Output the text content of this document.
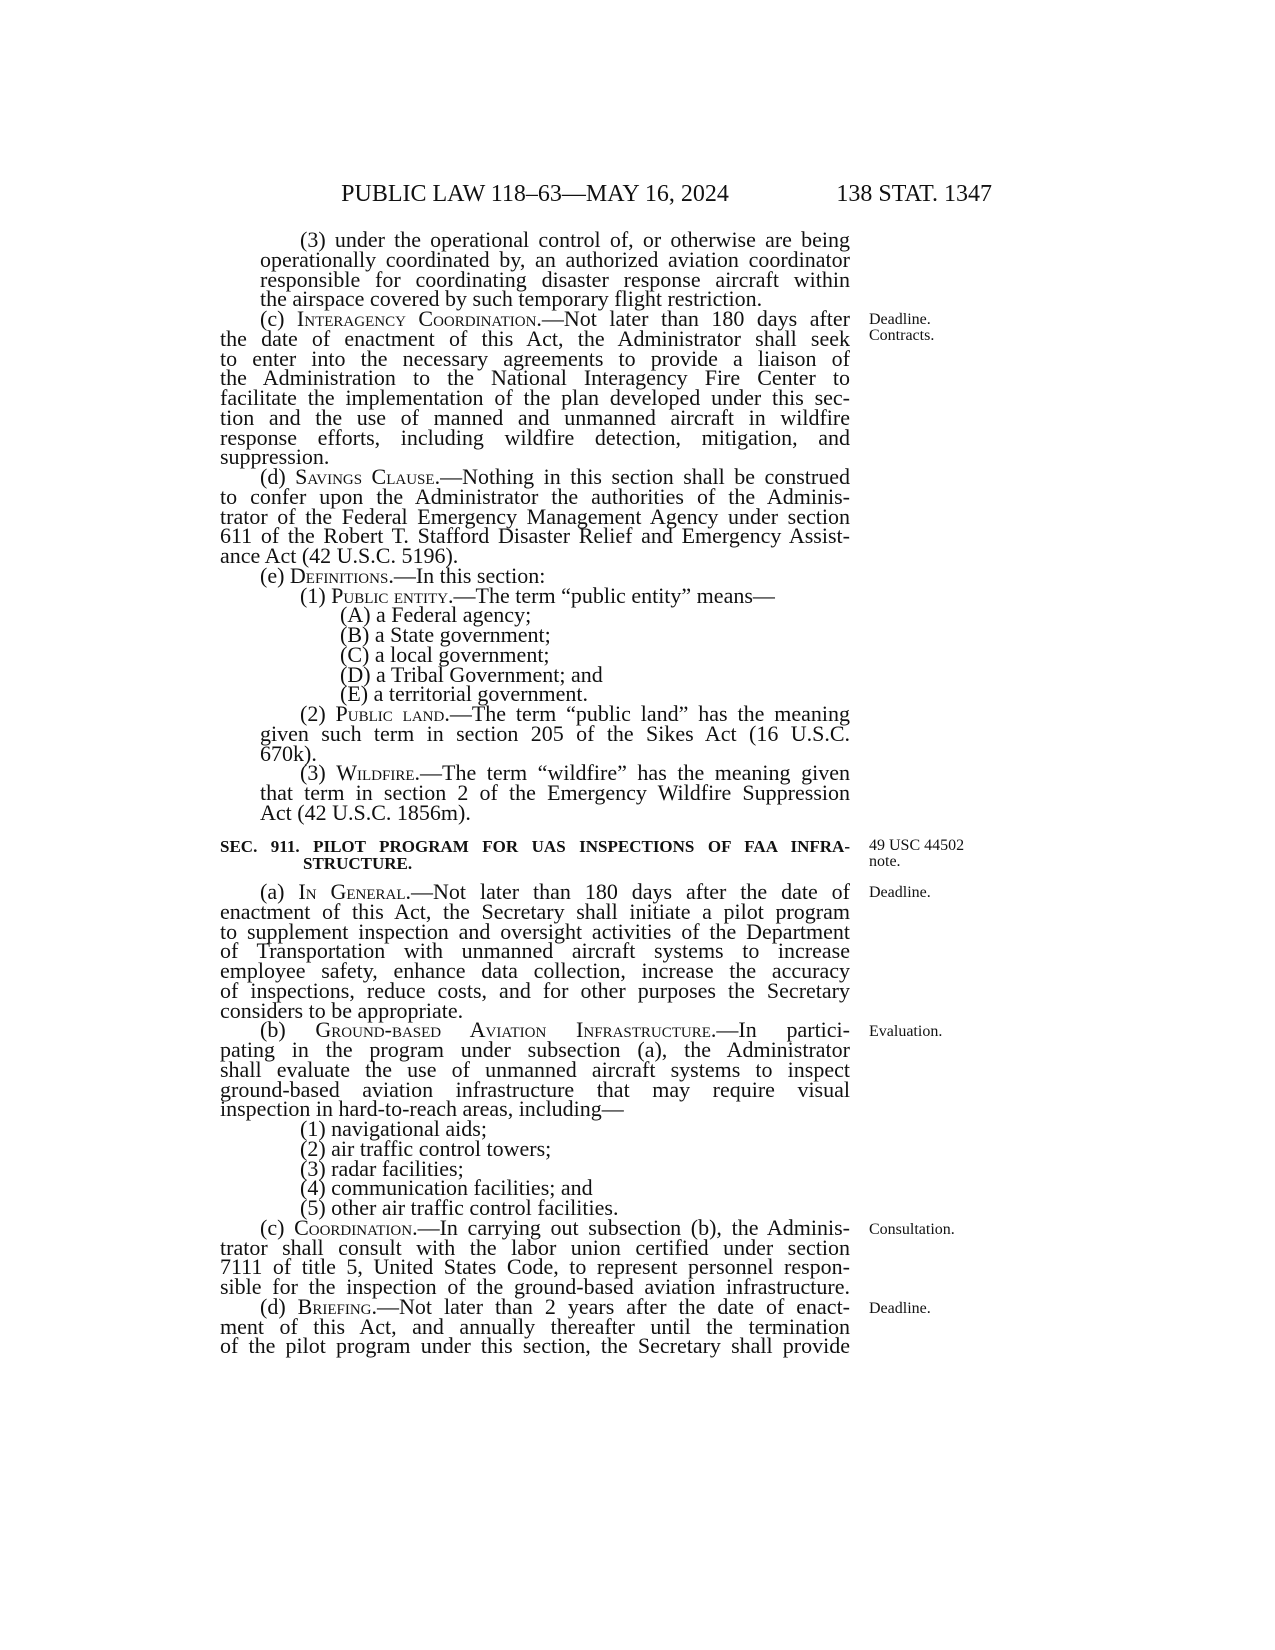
PUBLIC LAW 118–63—MAY 16, 2024	138 STAT. 1347
(3) under the operational control of, or otherwise are being
operationally coordinated by, an authorized aviation coordinator
responsible for coordinating disaster response aircraft within
the airspace covered by such temporary flight restriction.
(c) Interagency Coordination.—Not later than 180 days after
the date of enactment of this Act, the Administrator shall seek
to enter into the necessary agreements to provide a liaison of
the Administration to the National Interagency Fire Center to
facilitate the implementation of the plan developed under this sec-
tion and the use of manned and unmanned aircraft in wildfire
response efforts, including wildfire detection, mitigation, and
suppression.
(d) Savings Clause.—Nothing in this section shall be construed
to confer upon the Administrator the authorities of the Adminis-
trator of the Federal Emergency Management Agency under section
611 of the Robert T. Stafford Disaster Relief and Emergency Assist-
ance Act (42 U.S.C. 5196).
(e) Definitions.—In this section:
(1) Public entity.—The term “public entity” means—
(A) a Federal agency;
(B) a State government;
(C) a local government;
(D) a Tribal Government; and
(E) a territorial government.
(2) Public land.—The term “public land” has the meaning
given such term in section 205 of the Sikes Act (16 U.S.C.
670k).
(3) Wildfire.—The term “wildfire” has the meaning given
that term in section 2 of the Emergency Wildfire Suppression
Act (42 U.S.C. 1856m).
SEC. 911. PILOT PROGRAM FOR UAS INSPECTIONS OF FAA INFRA-
STRUCTURE.
(a) In General.—Not later than 180 days after the date of
enactment of this Act, the Secretary shall initiate a pilot program
to supplement inspection and oversight activities of the Department
of Transportation with unmanned aircraft systems to increase
employee safety, enhance data collection, increase the accuracy
of inspections, reduce costs, and for other purposes the Secretary
considers to be appropriate.
(b) Ground-based Aviation Infrastructure.—In partici-
pating in the program under subsection (a), the Administrator
shall evaluate the use of unmanned aircraft systems to inspect
ground-based aviation infrastructure that may require visual
inspection in hard-to-reach areas, including—
(1) navigational aids;
(2) air traffic control towers;
(3) radar facilities;
(4) communication facilities; and
(5) other air traffic control facilities.
(c) Coordination.—In carrying out subsection (b), the Adminis-
trator shall consult with the labor union certified under section
7111 of title 5, United States Code, to represent personnel respon-
sible for the inspection of the ground-based aviation infrastructure.
(d) Briefing.—Not later than 2 years after the date of enact-
ment of this Act, and annually thereafter until the termination
of the pilot program under this section, the Secretary shall provide
Deadline.
Contracts.
49 USC 44502
note.
Deadline.
Evaluation.
Consultation.
Deadline.
